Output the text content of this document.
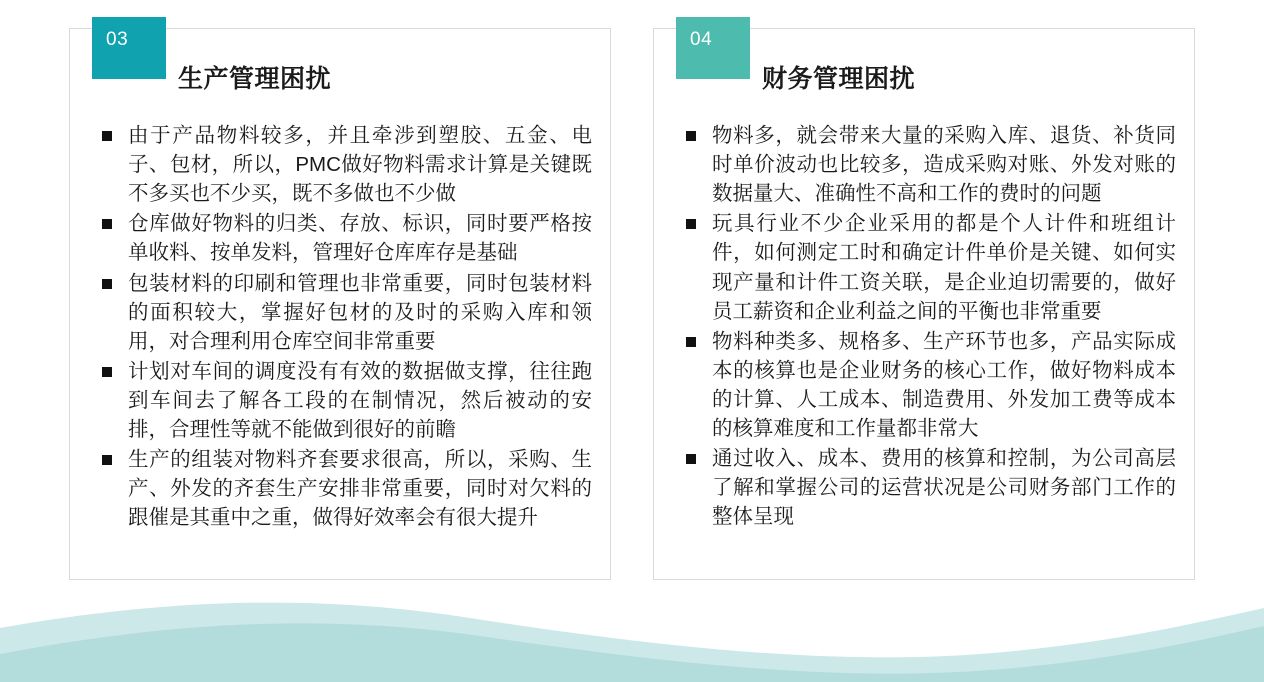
03
生产管理困扰
由于产品物料较多，并且牵涉到塑胶、五金、电子、包材，所以，PMC做好物料需求计算是关键既不多买也不少买，既不多做也不少做
仓库做好物料的归类、存放、标识，同时要严格按单收料、按单发料，管理好仓库库存是基础
包装材料的印刷和管理也非常重要，同时包装材料的面积较大，掌握好包材的及时的采购入库和领用，对合理利用仓库空间非常重要
计划对车间的调度没有有效的数据做支撑，往往跑到车间去了解各工段的在制情况，然后被动的安排，合理性等就不能做到很好的前瞻
生产的组装对物料齐套要求很高，所以，采购、生产、外发的齐套生产安排非常重要，同时对欠料的跟催是其重中之重，做得好效率会有很大提升
04
财务管理困扰
物料多，就会带来大量的采购入库、退货、补货同时单价波动也比较多，造成采购对账、外发对账的数据量大、准确性不高和工作的费时的问题
玩具行业不少企业采用的都是个人计件和班组计件，如何测定工时和确定计件单价是关键、如何实现产量和计件工资关联，是企业迫切需要的，做好员工薪资和企业利益之间的平衡也非常重要
物料种类多、规格多、生产环节也多，产品实际成本的核算也是企业财务的核心工作，做好物料成本的计算、人工成本、制造费用、外发加工费等成本的核算难度和工作量都非常大
通过收入、成本、费用的核算和控制，为公司高层了解和掌握公司的运营状况是公司财务部门工作的整体呈现
